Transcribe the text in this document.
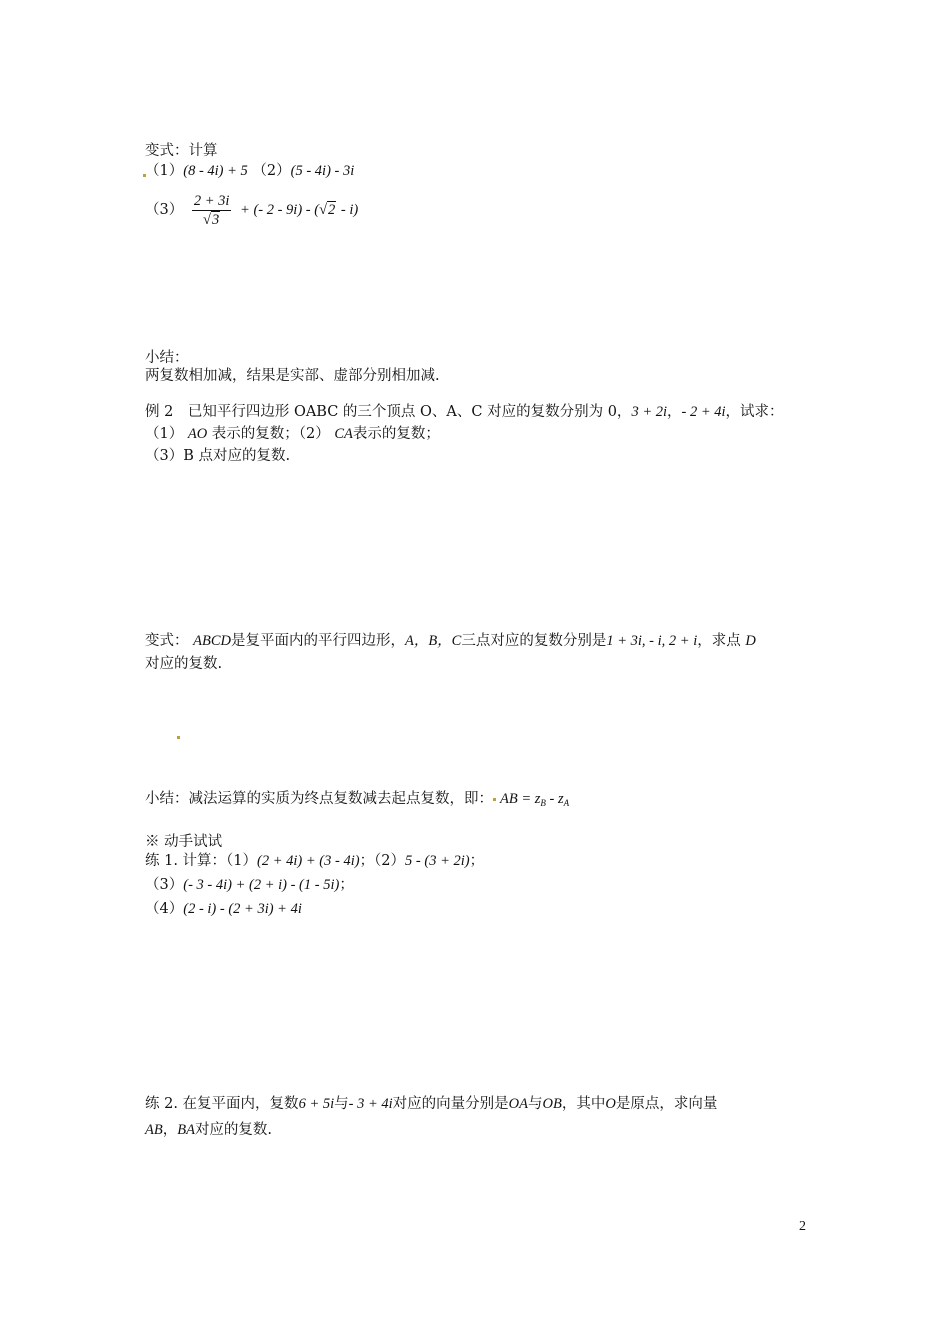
变式：计算
（1）(8 - 4i) + 5 （2）(5 - 4i) - 3i
$(3) \frac{2 + 3i}{√3}$ + (- 2 - 9i) - (√2 - i)
小结：
两复数相加减，结果是实部、虚部分别相加减.
例 2　已知平行四边形 OABC 的三个顶点 O、A、C 对应的复数分别为 0，3 + 2i，- 2 + 4i，试求：
（1） AO 表示的复数；（2） CA表示的复数；
（3）B 点对应的复数.
变式： ABCD是复平面内的平行四边形，A，B，C三点对应的复数分别是1 + 3i, - i, 2 + i，求点 D
对应的复数.
小结：减法运算的实质为终点复数减去起点复数，即： AB = $z_B - z_A$
※ 动手试试
练 1. 计算：（1）(2 + 4i) + (3 - 4i)；（2）5 - (3 + 2i)；
（3）(- 3 - 4i) + (2 + i) - (1 - 5i)；
（4）(2 - i) - (2 + 3i) + 4i
练 2. 在复平面内，复数6 + 5i与- 3 + 4i对应的向量分别是OA与OB，其中O是原点，求向量
AB，BA对应的复数.
2
